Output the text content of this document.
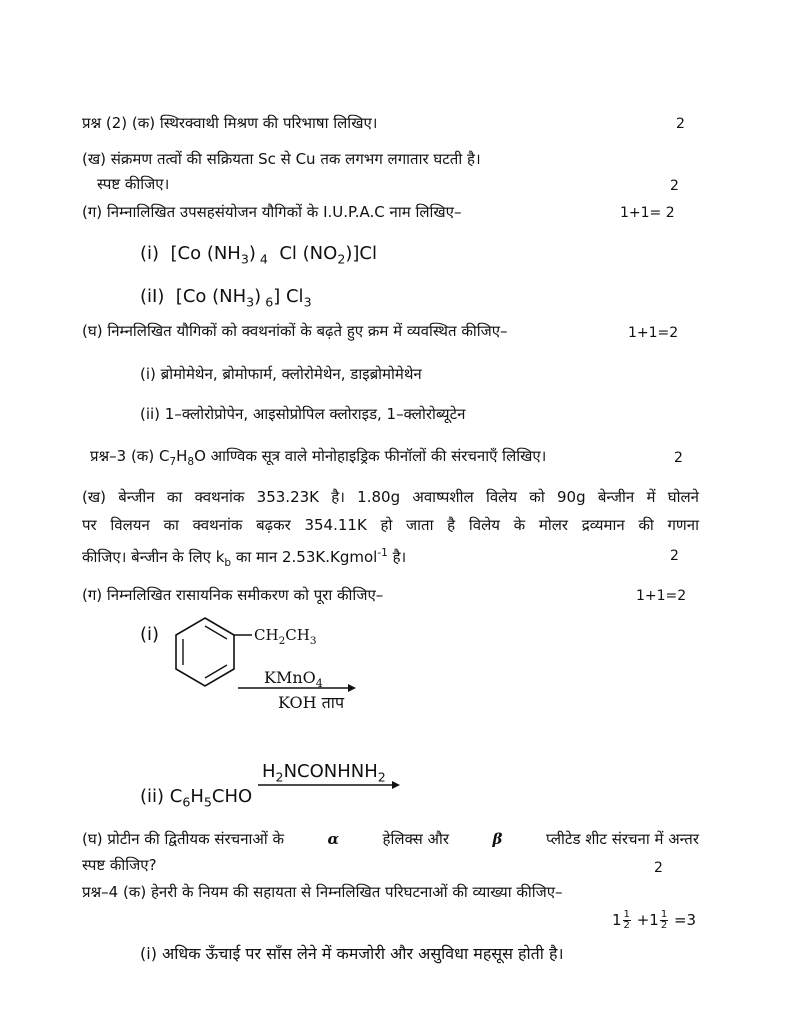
प्रश्न (2) (क) स्थिरक्वाथी मिश्रण की परिभाषा लिखिए।	2
(ख) संक्रमण तत्वों की सक्रियता Sc से Cu तक लगभग लगातार घटती है।
स्पष्ट कीजिए।	2
(ग) निम्नालिखित उपसहसंयोजन यौगिकों के I.U.P.A.C नाम लिखिए–	1+1= 2
(i)  [Co $(NH_3)$ $_4$  Cl $(NO_2)]Cl$
(iI)  [Co $(NH_3)$ $_6$] $Cl_3$
(घ) निम्नलिखित यौगिकों को क्वथनांकों के बढ़ते हुए क्रम में व्यवस्थित कीजिए–	1+1=2
(i) ब्रोमोमेथेन, ब्रोमोफार्म, क्लोरोमेथेन, डाइब्रोमोमेथेन
(ii) 1–क्लोरोप्रोपेन, आइसोप्रोपिल क्लोराइड, 1–क्लोरोब्यूटेन
प्रश्न–3 (क) $C_7H_8O$ आण्विक सूत्र वाले मोनोहाइड्रिक फीनॉलों की संरचनाएँ लिखिए।	2
(ख) बेन्जीन का क्वथनांक 353.23K है। 1.80g अवाष्पशील विलेय को 90g बेन्जीन में घोलने
पर विलयन का क्वथनांक बढ़कर 354.11K हो जाता है विलेय के मोलर द्रव्यमान की गणना
कीजिए। बेन्जीन के लिए $k_b$ का मान 2.53K.Kgmol$^{-1}$ है।	2
(ग) निम्नलिखित रासायनिक समीकरण को पूरा कीजिए–	1+1=2
(i)	$CH_2CH_3$
KMnO$_4$
KOH ताप
$H_2NCONHNH_2$
(ii) $C_6H_5CHO$
(घ) प्रोटीन की द्वितीयक संरचनाओं के	α	हेलिक्स और	β	प्लीटेड शीट संरचना में अन्तर
स्पष्ट कीजिए?	2
प्रश्न–4 (क) हेनरी के नियम की सहायता से निम्नलिखित परिघटनाओं की व्याख्या कीजिए–
$1 \frac{1}{2} +1 \frac{1}{2} =3$
(i) अधिक ऊँचाई पर साँस लेने में कमजोरी और असुविधा महसूस होती है।
